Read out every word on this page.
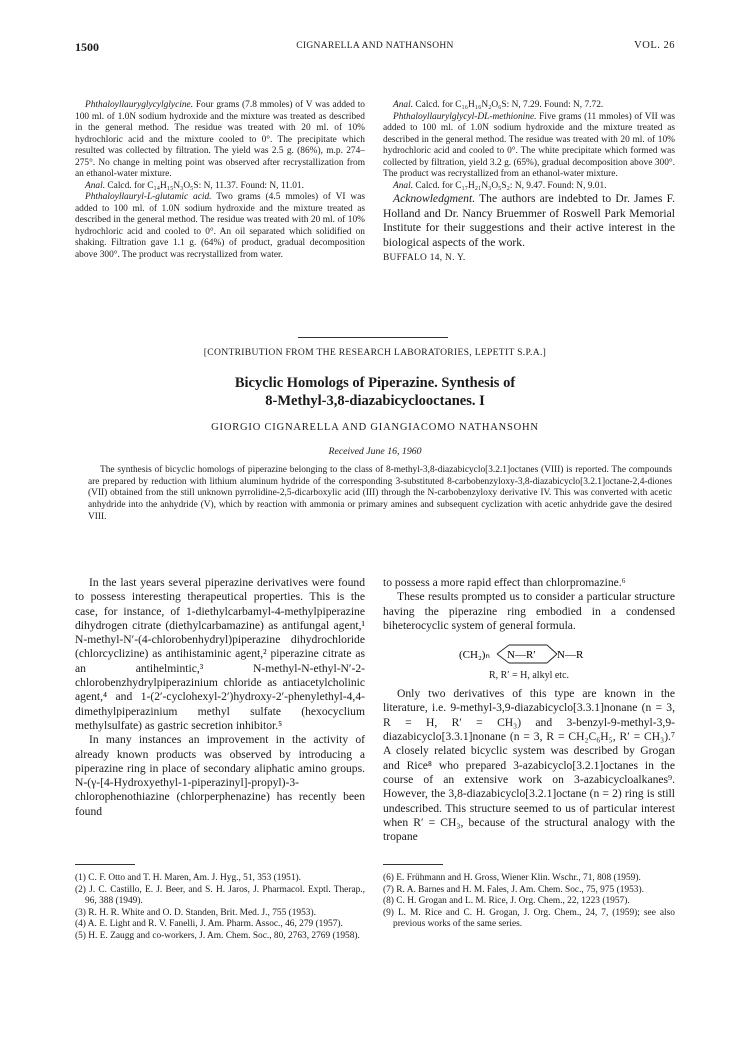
1500	CIGNARELLA AND NATHANSOHN	VOL. 26

Phthaloyllauryglycylglycine. Four grams (7.8 mmoles) of V was added to 100 ml. of 1.0N sodium hydroxide and the mixture was treated as described in the general method. The residue was treated with 20 ml. of 10% hydrochloric acid and the mixture cooled to 0°. The precipitate which resulted was collected by filtration. The yield was 2.5 g. (86%), m.p. 274–275°. No change in melting point was observed after recrystallization from an ethanol-water mixture.

Anal. Calcd. for C₁₄H₁₅N₃O₅S: N, 11.37. Found: N, 11.01.

Phthaloyllauryl-L-glutamic acid. Two grams (4.5 mmoles) of VI was added to 100 ml. of 1.0N sodium hydroxide and the mixture treated as described in the general method. The residue was treated with 20 ml. of 10% hydrochloric acid and cooled to 0°. An oil separated which solidified on shaking. Filtration gave 1.1 g. (64%) of product, gradual decomposition above 300°. The product was recrystallized from water.

Anal. Calcd. for C₁₆H₁₆N₂O₆S: N, 7.29. Found: N, 7.72.

Phthaloyllaurylglycyl-DL-methionine. Five grams (11 mmoles) of VII was added to 100 ml. of 1.0N sodium hydroxide and the mixture treated as described in the general method. The residue was treated with 20 ml. of 10% hydrochloric acid and cooled to 0°. The white precipitate which formed was collected by filtration, yield 3.2 g. (65%), gradual decomposition above 300°. The product was recrystallized from an ethanol-water mixture.

Anal. Calcd. for C₁₇H₂₁N₃O₅S₂: N, 9.47. Found: N, 9.01.

Acknowledgment. The authors are indebted to Dr. James F. Holland and Dr. Nancy Bruemmer of Roswell Park Memorial Institute for their suggestions and their active interest in the biological aspects of the work.

BUFFALO 14, N. Y.

[CONTRIBUTION FROM THE RESEARCH LABORATORIES, LEPETIT S.P.A.]
Bicyclic Homologs of Piperazine. Synthesis of
8-Methyl-3,8-diazabicyclooctanes. I
GIORGIO CIGNARELLA AND GIANGIACOMO NATHANSOHN
Received June 16, 1960

The synthesis of bicyclic homologs of piperazine belonging to the class of 8-methyl-3,8-diazabicyclo[3.2.1]octanes (VIII) is reported. The compounds are prepared by reduction with lithium aluminum hydride of the corresponding 3-substituted 8-carbobenzyloxy-3,8-diazabicyclo[3.2.1]octane-2,4-diones (VII) obtained from the still unknown pyrrolidine-2,5-dicarboxylic acid (III) through the N-carbobenzyloxy derivative IV. This was converted with acetic anhydride into the anhydride (V), which by reaction with ammonia or primary amines and subsequent cyclization with acetic anhydride gave the desired VIII.

In the last years several piperazine derivatives were found to possess interesting therapeutical properties. This is the case, for instance, of 1-diethylcarbamyl-4-methylpiperazine dihydrogen citrate (diethylcarbamazine) as antifungal agent,¹ N-methyl-N′-(4-chlorobenhydryl)piperazine dihydrochloride (chlorcyclizine) as antihistaminic agent,² piperazine citrate as an antihelmintic,³ N-methyl-N-ethyl-N′-2-chlorobenzhydrylpiperazinium chloride as antiacetylcholinic agent,⁴ and 1-(2′-cyclohexyl-2′)hydroxy-2′-phenylethyl-4,4-dimethylpiperazinium methyl sulfate (hexocyclium methylsulfate) as gastric secretion inhibitor.⁵

In many instances an improvement in the activity of already known products was observed by introducing a piperazine ring in place of secondary aliphatic amino groups. N-(γ-[4-Hydroxyethyl-1-piperazinyl]-propyl)-3-chlorophenothiazine (chlorperphenazine) has recently been found

to possess a more rapid effect than chlorpromazine.⁶

These results prompted us to consider a particular structure having the piperazine ring embodied in a condensed biheterocyclic system of general formula.

(CH₂)ₙ N—R′ N—R
R, R′ = H, alkyl etc.

Only two derivatives of this type are known in the literature, i.e. 9-methyl-3,9-diazabicyclo[3.3.1]nonane (n = 3, R = H, R′ = CH₃) and 3-benzyl-9-methyl-3,9-diazabicyclo[3.3.1]nonane (n = 3, R = CH₂C₆H₅, R′ = CH₃).⁷ A closely related bicyclic system was described by Grogan and Rice⁸ who prepared 3-azabicyclo[3.2.1]octanes in the course of an extensive work on 3-azabicycloalkanes⁹. However, the 3,8-diazabicyclo[3.2.1]octane (n = 2) ring is still undescribed. This structure seemed to us of particular interest when R′ = CH₃, because of the structural analogy with the tropane

(1) C. F. Otto and T. H. Maren, Am. J. Hyg., 51, 353 (1951).

(2) J. C. Castillo, E. J. Beer, and S. H. Jaros, J. Pharmacol. Exptl. Therap., 96, 388 (1949).

(3) R. H. R. White and O. D. Standen, Brit. Med. J., 755 (1953).

(4) A. E. Light and R. V. Fanelli, J. Am. Pharm. Assoc., 46, 279 (1957).

(5) H. E. Zaugg and co-workers, J. Am. Chem. Soc., 80, 2763, 2769 (1958).

(6) E. Frühmann and H. Gross, Wiener Klin. Wschr., 71, 808 (1959).

(7) R. A. Barnes and H. M. Fales, J. Am. Chem. Soc., 75, 975 (1953).

(8) C. H. Grogan and L. M. Rice, J. Org. Chem., 22, 1223 (1957).

(9) L. M. Rice and C. H. Grogan, J. Org. Chem., 24, 7, (1959); see also previous works of the same series.
